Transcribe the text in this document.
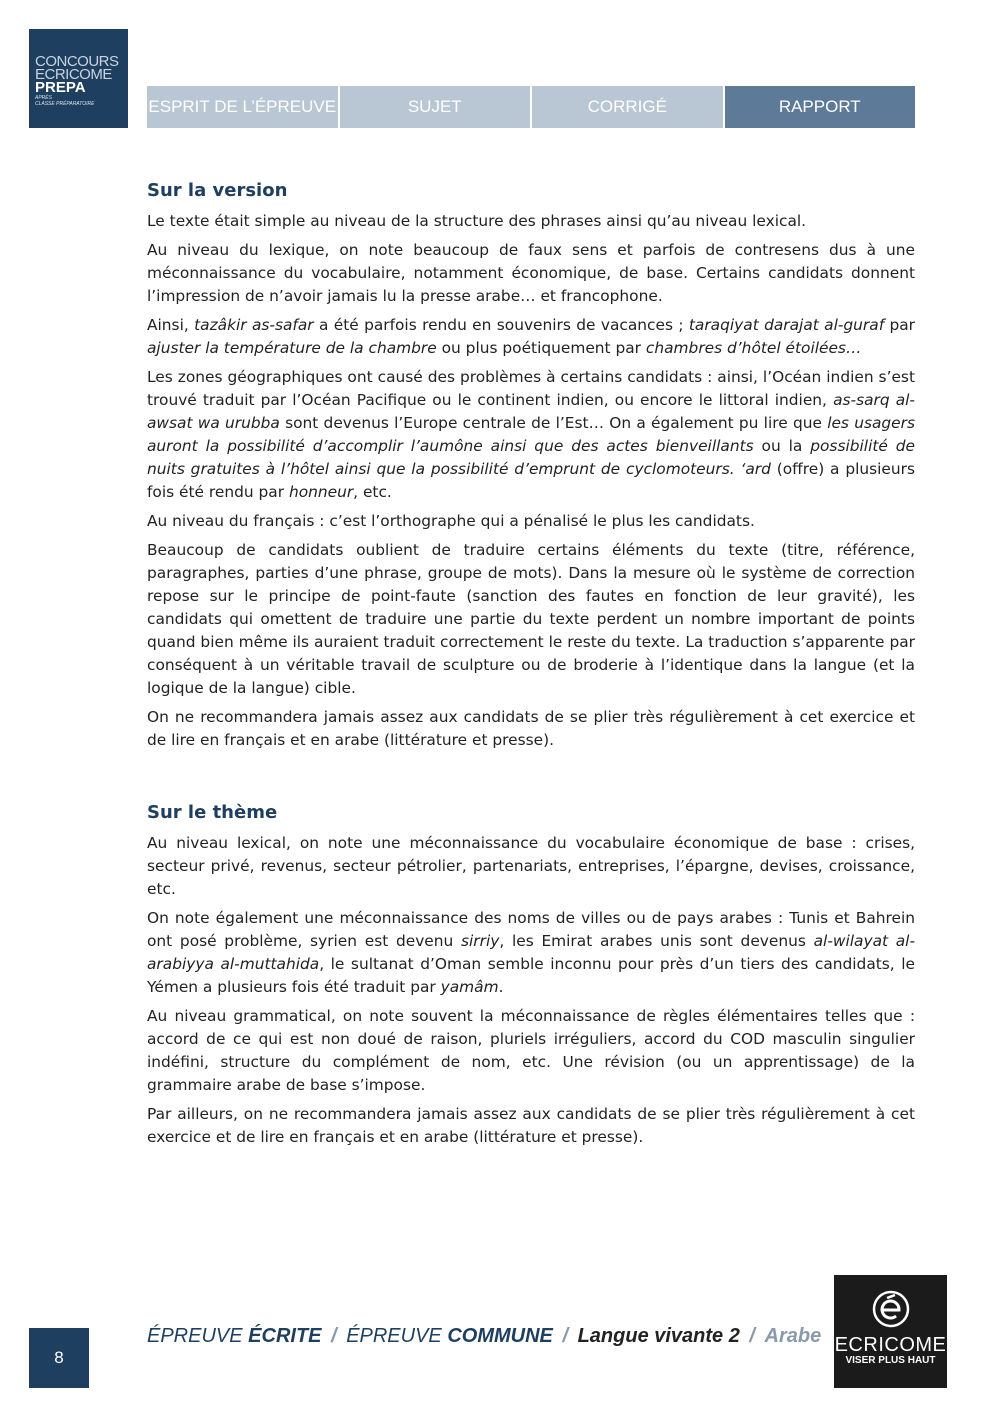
CONCOURS
ECRICOME
PREPA
APRÈS
CLASSE PRÉPARATOIRE	ESPRIT DE L’ÉPREUVE	SUJET	CORRIGÉ	RAPPORT
Sur la version

Le texte était simple au niveau de la structure des phrases ainsi qu’au niveau lexical.

Au niveau du lexique, on note beaucoup de faux sens et parfois de contresens dus à une méconnaissance du vocabulaire, notamment économique, de base. Certains candidats donnent l’impression de n’avoir jamais lu la presse arabe… et francophone.

Ainsi, tazâkir as-safar a été parfois rendu en souvenirs de vacances ; taraqiyat darajat al-guraf par ajuster la température de la chambre ou plus poétiquement par chambres d’hôtel étoilées…

Les zones géographiques ont causé des problèmes à certains candidats : ainsi, l’Océan indien s’est trouvé traduit par l’Océan Pacifique ou le continent indien, ou encore le littoral indien, as-sarq al-awsat wa urubba sont devenus l’Europe centrale de l’Est… On a également pu lire que les usagers auront la possibilité d’accomplir l’aumône ainsi que des actes bienveillants ou la possibilité de nuits gratuites à l’hôtel ainsi que la possibilité d’emprunt de cyclomoteurs. ‘ard (offre) a plusieurs fois été rendu par honneur, etc.

Au niveau du français : c’est l’orthographe qui a pénalisé le plus les candidats.

Beaucoup de candidats oublient de traduire certains éléments du texte (titre, référence, paragraphes, parties d’une phrase, groupe de mots). Dans la mesure où le système de correction repose sur le principe de point-faute (sanction des fautes en fonction de leur gravité), les candidats qui omettent de traduire une partie du texte perdent un nombre important de points quand bien même ils auraient traduit correctement le reste du texte. La traduction s’apparente par conséquent à un véritable travail de sculpture ou de broderie à l’identique dans la langue (et la logique de la langue) cible.

On ne recommandera jamais assez aux candidats de se plier très régulièrement à cet exercice et de lire en français et en arabe (littérature et presse).

Sur le thème

Au niveau lexical, on note une méconnaissance du vocabulaire économique de base : crises, secteur privé, revenus, secteur pétrolier, partenariats, entreprises, l’épargne, devises, croissance, etc.

On note également une méconnaissance des noms de villes ou de pays arabes : Tunis et Bahrein ont posé problème, syrien est devenu sirriy, les Emirat arabes unis sont devenus al-wilayat al-arabiyya al-muttahida, le sultanat d’Oman semble inconnu pour près d’un tiers des candidats, le Yémen a plusieurs fois été traduit par yamâm.

Au niveau grammatical, on note souvent la méconnaissance de règles élémentaires telles que : accord de ce qui est non doué de raison, pluriels irréguliers, accord du COD masculin singulier indéfini, structure du complément de nom, etc. Une révision (ou un apprentissage) de la grammaire arabe de base s’impose.

Par ailleurs, on ne recommandera jamais assez aux candidats de se plier très régulièrement à cet exercice et de lire en français et en arabe (littérature et presse).

8
ÉPREUVE ÉCRITE / ÉPREUVE COMMUNE / Langue vivante 2 / Arabe ECRICOME
VISER PLUS HAUT
